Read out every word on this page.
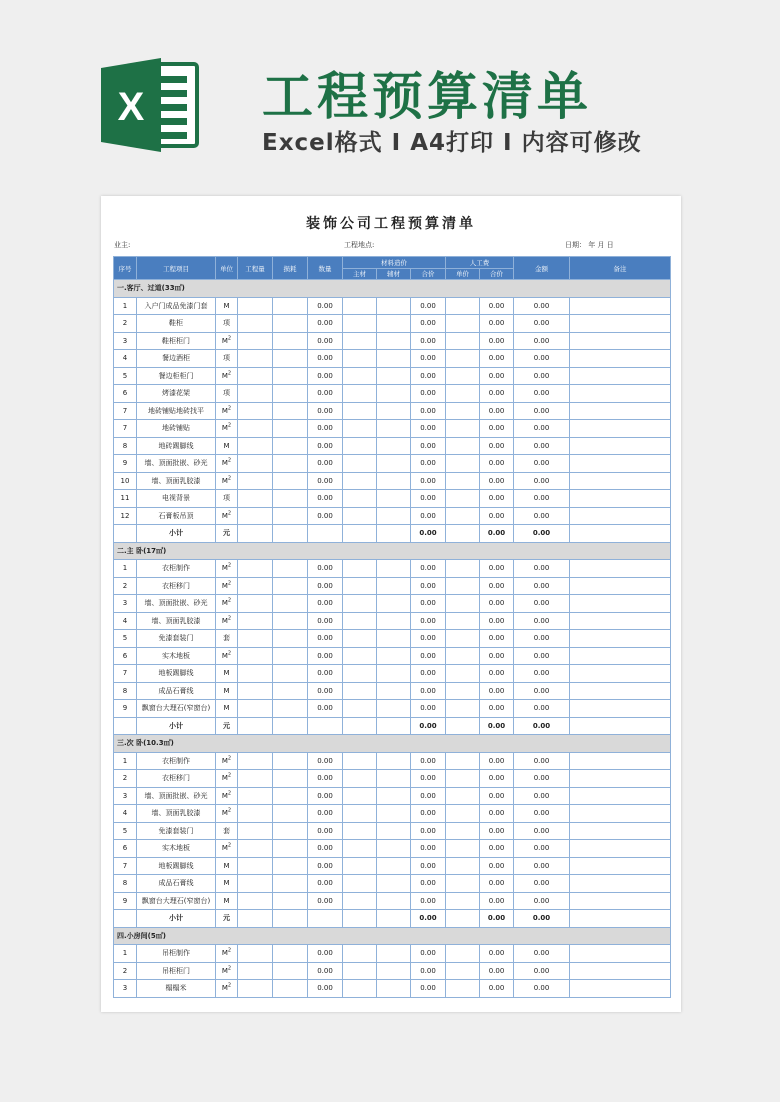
X 工程预算清单
Excel格式 I A4打印 I 内容可修改
装饰公司工程预算清单
业主:	工程地点:	日期： 年 月 日
序号	工程项目	单位	工程量	损耗	数量	材料造价			人工费		金额	备注
						主材	辅材	合价	单价	合价		
一.客厅、过道(33㎡)												
1	入户门成品免漆门套	M			0.00			0.00		0.00	0.00	
2	鞋柜	项			0.00			0.00		0.00	0.00	
3	鞋柜柜门	$M^2$			0.00			0.00		0.00	0.00	
4	餐边酒柜	项			0.00			0.00		0.00	0.00	
5	餐边柜柜门	$M^2$			0.00			0.00		0.00	0.00	
6	烤漆花架	项			0.00			0.00		0.00	0.00	
7	地砖铺贴地砖找平	$M^2$			0.00			0.00		0.00	0.00	
7	地砖铺贴	$M^2$			0.00			0.00		0.00	0.00	
8	地砖踢脚线	M			0.00			0.00		0.00	0.00	
9	墙、顶面批嵌、砂光	$M^2$			0.00			0.00		0.00	0.00	
10	墙、顶面乳胶漆	$M^2$			0.00			0.00		0.00	0.00	
11	电视背景	项			0.00			0.00		0.00	0.00	
12	石膏板吊顶	$M^2$			0.00			0.00		0.00	0.00	
	小计	元						0.00		0.00	0.00	
二.主 卧(17㎡)												
1	衣柜制作	$M^2$			0.00			0.00		0.00	0.00	
2	衣柜移门	$M^2$			0.00			0.00		0.00	0.00	
3	墙、顶面批嵌、砂光	$M^2$			0.00			0.00		0.00	0.00	
4	墙、顶面乳胶漆	$M^2$			0.00			0.00		0.00	0.00	
5	免漆套装门	套			0.00			0.00		0.00	0.00	
6	实木地板	$M^2$			0.00			0.00		0.00	0.00	
7	地板踢脚线	M			0.00			0.00		0.00	0.00	
8	成品石膏线	M			0.00			0.00		0.00	0.00	
9	飘窗台大理石(窄窗台)	M			0.00			0.00		0.00	0.00	
	小计	元						0.00		0.00	0.00	
三.次 卧(10.3㎡)												
1	衣柜制作	$M^2$			0.00			0.00		0.00	0.00	
2	衣柜移门	$M^2$			0.00			0.00		0.00	0.00	
3	墙、顶面批嵌、砂光	$M^2$			0.00			0.00		0.00	0.00	
4	墙、顶面乳胶漆	$M^2$			0.00			0.00		0.00	0.00	
5	免漆套装门	套			0.00			0.00		0.00	0.00	
6	实木地板	$M^2$			0.00			0.00		0.00	0.00	
7	地板踢脚线	M			0.00			0.00		0.00	0.00	
8	成品石膏线	M			0.00			0.00		0.00	0.00	
9	飘窗台大理石(窄窗台)	M			0.00			0.00		0.00	0.00	
	小计	元						0.00		0.00	0.00	
四.小房间(5㎡)												
1	吊柜制作	$M^2$			0.00			0.00		0.00	0.00	
2	吊柜柜门	$M^2$			0.00			0.00		0.00	0.00	
3	榻榻米	$M^2$			0.00			0.00		0.00	0.00	
